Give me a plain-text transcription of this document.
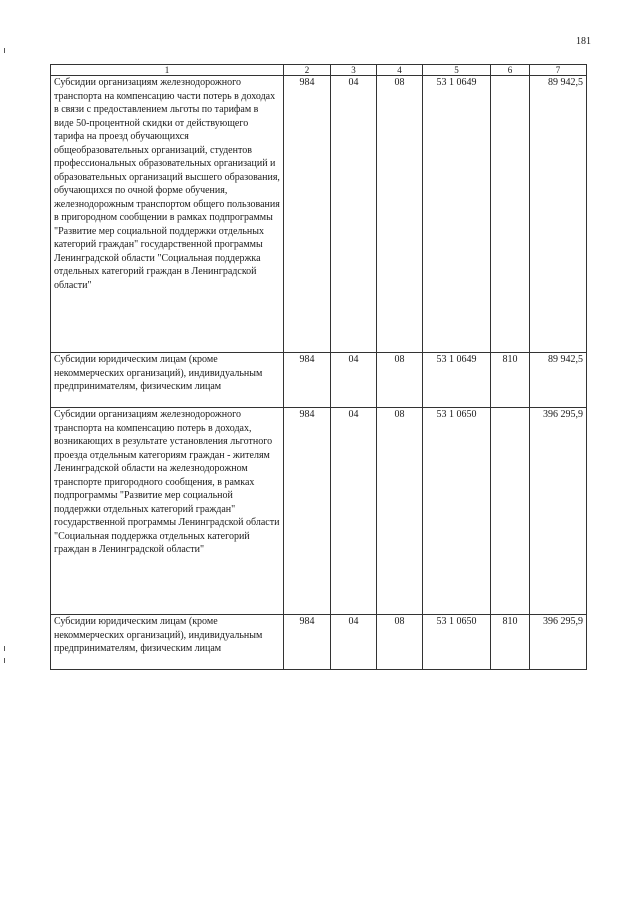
181
1	2	3	4	5	6	7
Субсидии организациям железнодорожного транспорта на компенсацию части потерь в доходах в связи с предоставлением льготы по тарифам в виде 50-процентной скидки от действующего тарифа на проезд обучающихся общеобразовательных организаций, студентов профессиональных образовательных организаций и образовательных организаций высшего образования, обучающихся по очной форме обучения, железнодорожным транспортом общего пользования в пригородном сообщении в рамках подпрограммы "Развитие мер социальной поддержки отдельных категорий граждан" государственной программы Ленинградской области "Социальная поддержка отдельных категорий граждан в Ленинградской области"	984	04	08	53 1 0649		89 942,5
Субсидии юридическим лицам (кроме некоммерческих организаций), индивидуальным предпринимателям, физическим лицам	984	04	08	53 1 0649	810	89 942,5
Субсидии организациям железнодорожного транспорта на компенсацию потерь в доходах, возникающих в результате установления льготного проезда отдельным категориям граждан - жителям Ленинградской области на железнодорожном транспорте пригородного сообщения, в рамках подпрограммы "Развитие мер социальной поддержки отдельных категорий граждан" государственной программы Ленинградской области "Социальная поддержка отдельных категорий граждан в Ленинградской области"	984	04	08	53 1 0650		396 295,9
Субсидии юридическим лицам (кроме некоммерческих организаций), индивидуальным предпринимателям, физическим лицам	984	04	08	53 1 0650	810	396 295,9
